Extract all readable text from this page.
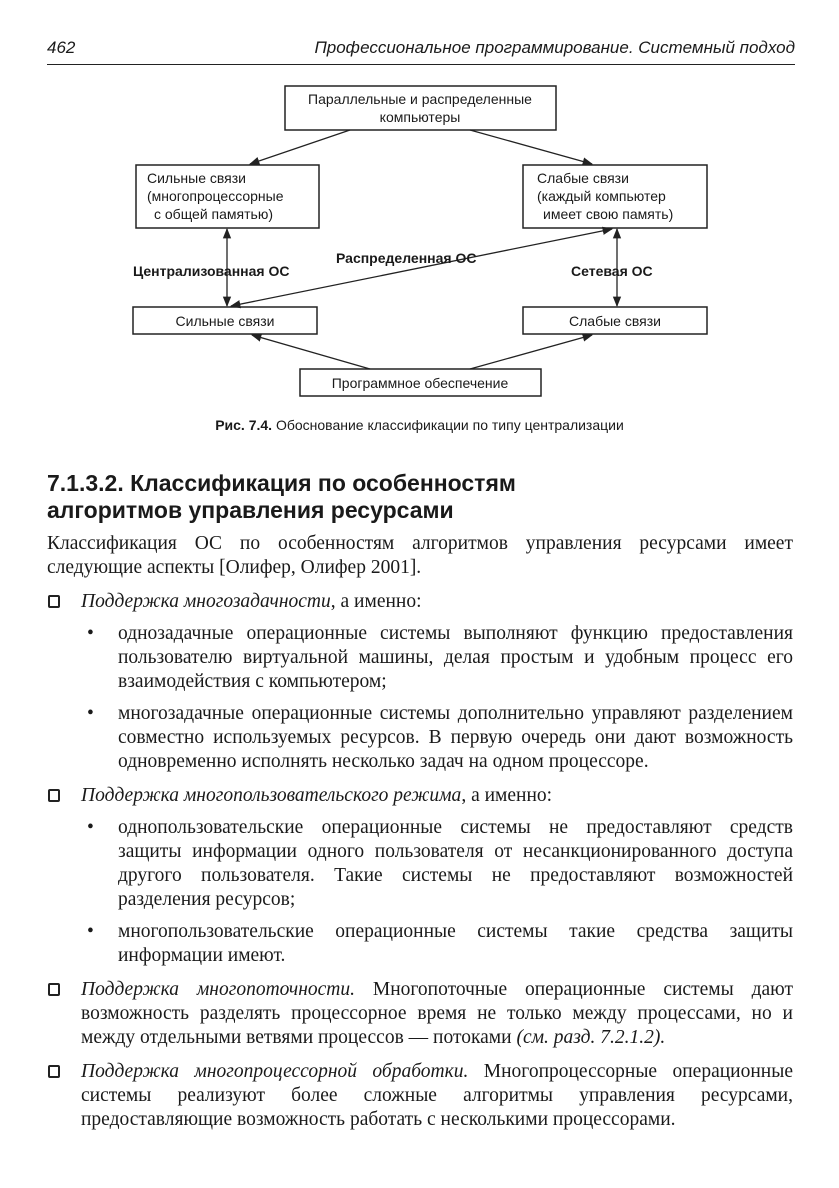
462	Профессиональное программирование. Системный подход
Параллельные и распределенные
компьютеры
Сильные связи
(многопроцессорные
с общей памятью)
Слабые связи
(каждый компьютер
имеет свою память)
Сильные связи	Слабые связи
Программное обеспечение
Централизованная ОС
Распределенная ОС
Сетевая ОС
Рис. 7.4. Обоснование классификации по типу централизации
7.1.3.2. Классификация по особенностям
алгоритмов управления ресурсами

Классификация ОС по особенностям алгоритмов управления ресурсами имеет следующие аспекты [Олифер, Олифер 2001].

Поддержка многозадачности, а именно:
• однозадачные операционные системы выполняют функцию предоставления пользователю виртуальной машины, делая простым и удобным процесс его взаимодействия с компьютером;
• многозадачные операционные системы дополнительно управляют разделением совместно используемых ресурсов. В первую очередь они дают возможность одновременно исполнять несколько задач на одном процессоре.
Поддержка многопользовательского режима, а именно:
• однопользовательские операционные системы не предоставляют средств защиты информации одного пользователя от несанкционированного доступа другого пользователя. Такие системы не предоставляют возможностей разделения ресурсов;
• многопользовательские операционные системы такие средства защиты информации имеют.
Поддержка многопоточности. Многопоточные операционные системы дают возможность разделять процессорное время не только между процессами, но и между отдельными ветвями процессов — потоками (см. разд. 7.2.1.2).
Поддержка многопроцессорной обработки. Многопроцессорные операционные системы реализуют более сложные алгоритмы управления ресурсами, предоставляющие возможность работать с несколькими процессорами.
